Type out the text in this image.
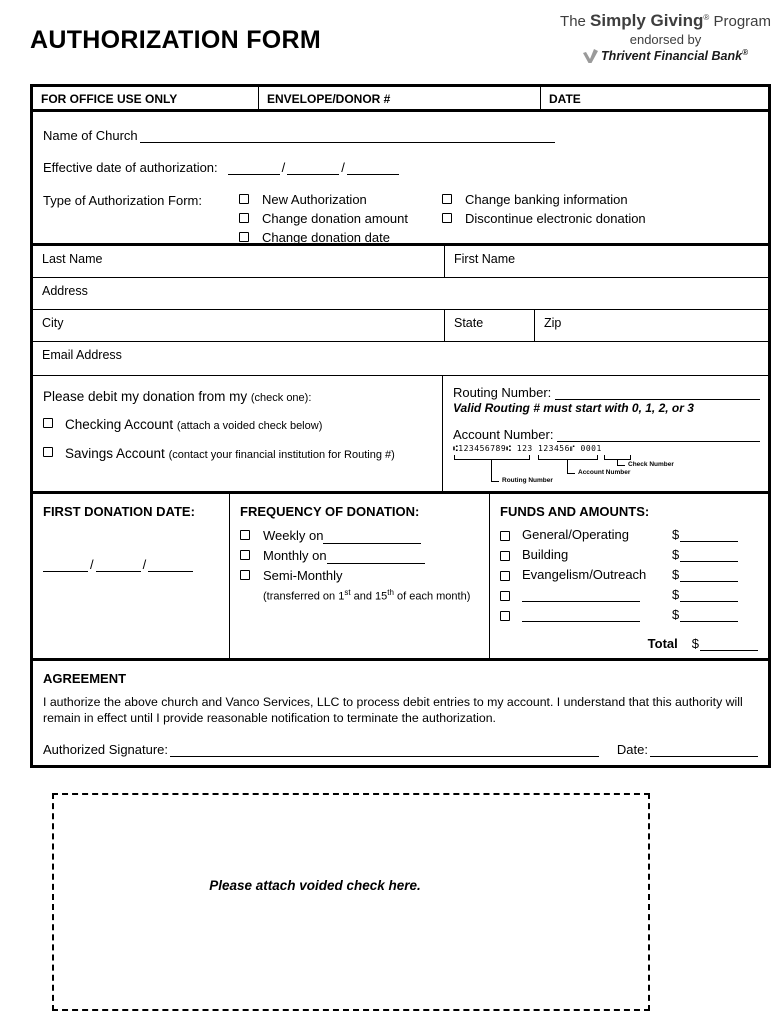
AUTHORIZATION FORM
The Simply Giving® Program
endorsed by
Thrivent Financial Bank®
FOR OFFICE USE ONLY	ENVELOPE/DONOR #	DATE
Name of Church
Effective date of authorization:	/	/
Type of Authorization Form:	New Authorization
Change donation amount
Change donation date
Change banking information
Discontinue electronic donation
Last Name	First Name
Address
City	State	Zip
Email Address
Please debit my donation from my (check one):
Checking Account (attach a voided check below)
Savings Account (contact your financial institution for Routing #)
Routing Number:
Valid Routing # must start with 0, 1, 2, or 3
Account Number:
⑆123456789⑆ 123 123456⑈ 0001
Check Number
Account Number
Routing Number
FIRST DONATION DATE:
/	/
FREQUENCY OF DONATION:
Weekly on
Monthly on
Semi-Monthly
(transferred on 1st and 15th of each month)
FUNDS AND AMOUNTS:
General/Operating	$
Building	$
Evangelism/Outreach	$
$
$
Total $
AGREEMENT
I authorize the above church and Vanco Services, LLC to process debit entries to my account. I understand that this authority will remain in effect until I provide reasonable notification to terminate the authorization.
Authorized Signature:	Date:
Please attach voided check here.
